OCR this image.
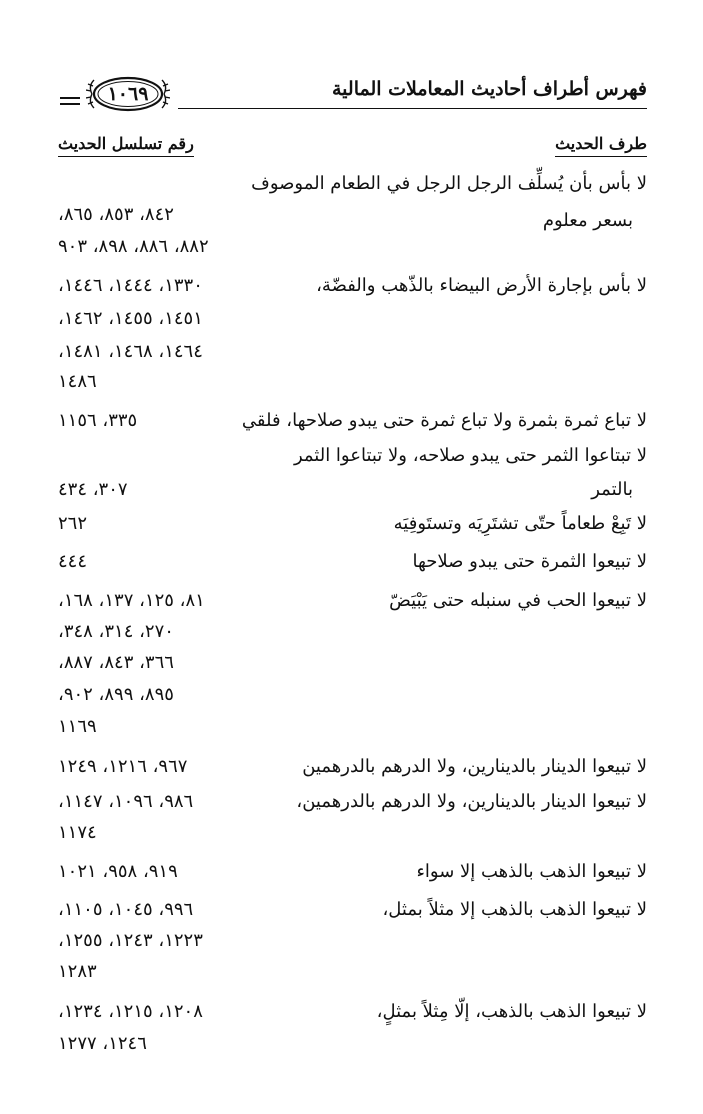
فهرس أطراف أحاديث المعاملات المالية
١٠٦٩
طرف الحديث
رقم تسلسل الحديث
لا بأس بأن يُسلِّف الرجل الرجل في الطعام الموصوف
بسعر معلوم
٨٤٢، ٨٥٣، ٨٦٥،
٨٨٢، ٨٨٦، ٨٩٨، ٩٠٣
لا بأس بإجارة الأرض البيضاء بالذّهب والفضّة،
١٣٣٠، ١٤٤٤، ١٤٤٦،
١٤٥١، ١٤٥٥، ١٤٦٢،
١٤٦٤، ١٤٦٨، ١٤٨١،
١٤٨٦
لا تباع ثمرة بثمرة ولا تباع ثمرة حتى يبدو صلاحها، فلقي
٣٣٥، ١١٥٦
لا تبتاعوا الثمر حتى يبدو صلاحه، ولا تبتاعوا الثمر
بالتمر
٣٠٧، ٤٣٤
لا تَبِعْ طعاماً حتّى تشتَرِيَه وتستَوفِيَه
٢٦٢
لا تبيعوا الثمرة حتى يبدو صلاحها
٤٤٤
لا تبيعوا الحب في سنبله حتى يَبْيَضّ
٨١، ١٢٥، ١٣٧، ١٦٨،
٢٧٠، ٣١٤، ٣٤٨،
٣٦٦، ٨٤٣، ٨٨٧،
٨٩٥، ٨٩٩، ٩٠٢،
١١٦٩
لا تبيعوا الدينار بالدينارين، ولا الدرهم بالدرهمين
٩٦٧، ١٢١٦، ١٢٤٩
لا تبيعوا الدينار بالدينارين، ولا الدرهم بالدرهمين،
٩٨٦، ١٠٩٦، ١١٤٧،
١١٧٤
لا تبيعوا الذهب بالذهب إلا سواء
٩١٩، ٩٥٨، ١٠٢١
لا تبيعوا الذهب بالذهب إلا مثلاً بمثل،
٩٩٦، ١٠٤٥، ١١٠٥،
١٢٢٣، ١٢٤٣، ١٢٥٥،
١٢٨٣
لا تبيعوا الذهب بالذهب، إلّا مِثلاً بمثلٍ،
١٢٠٨، ١٢١٥، ١٢٣٤،
١٢٤٦، ١٢٧٧
